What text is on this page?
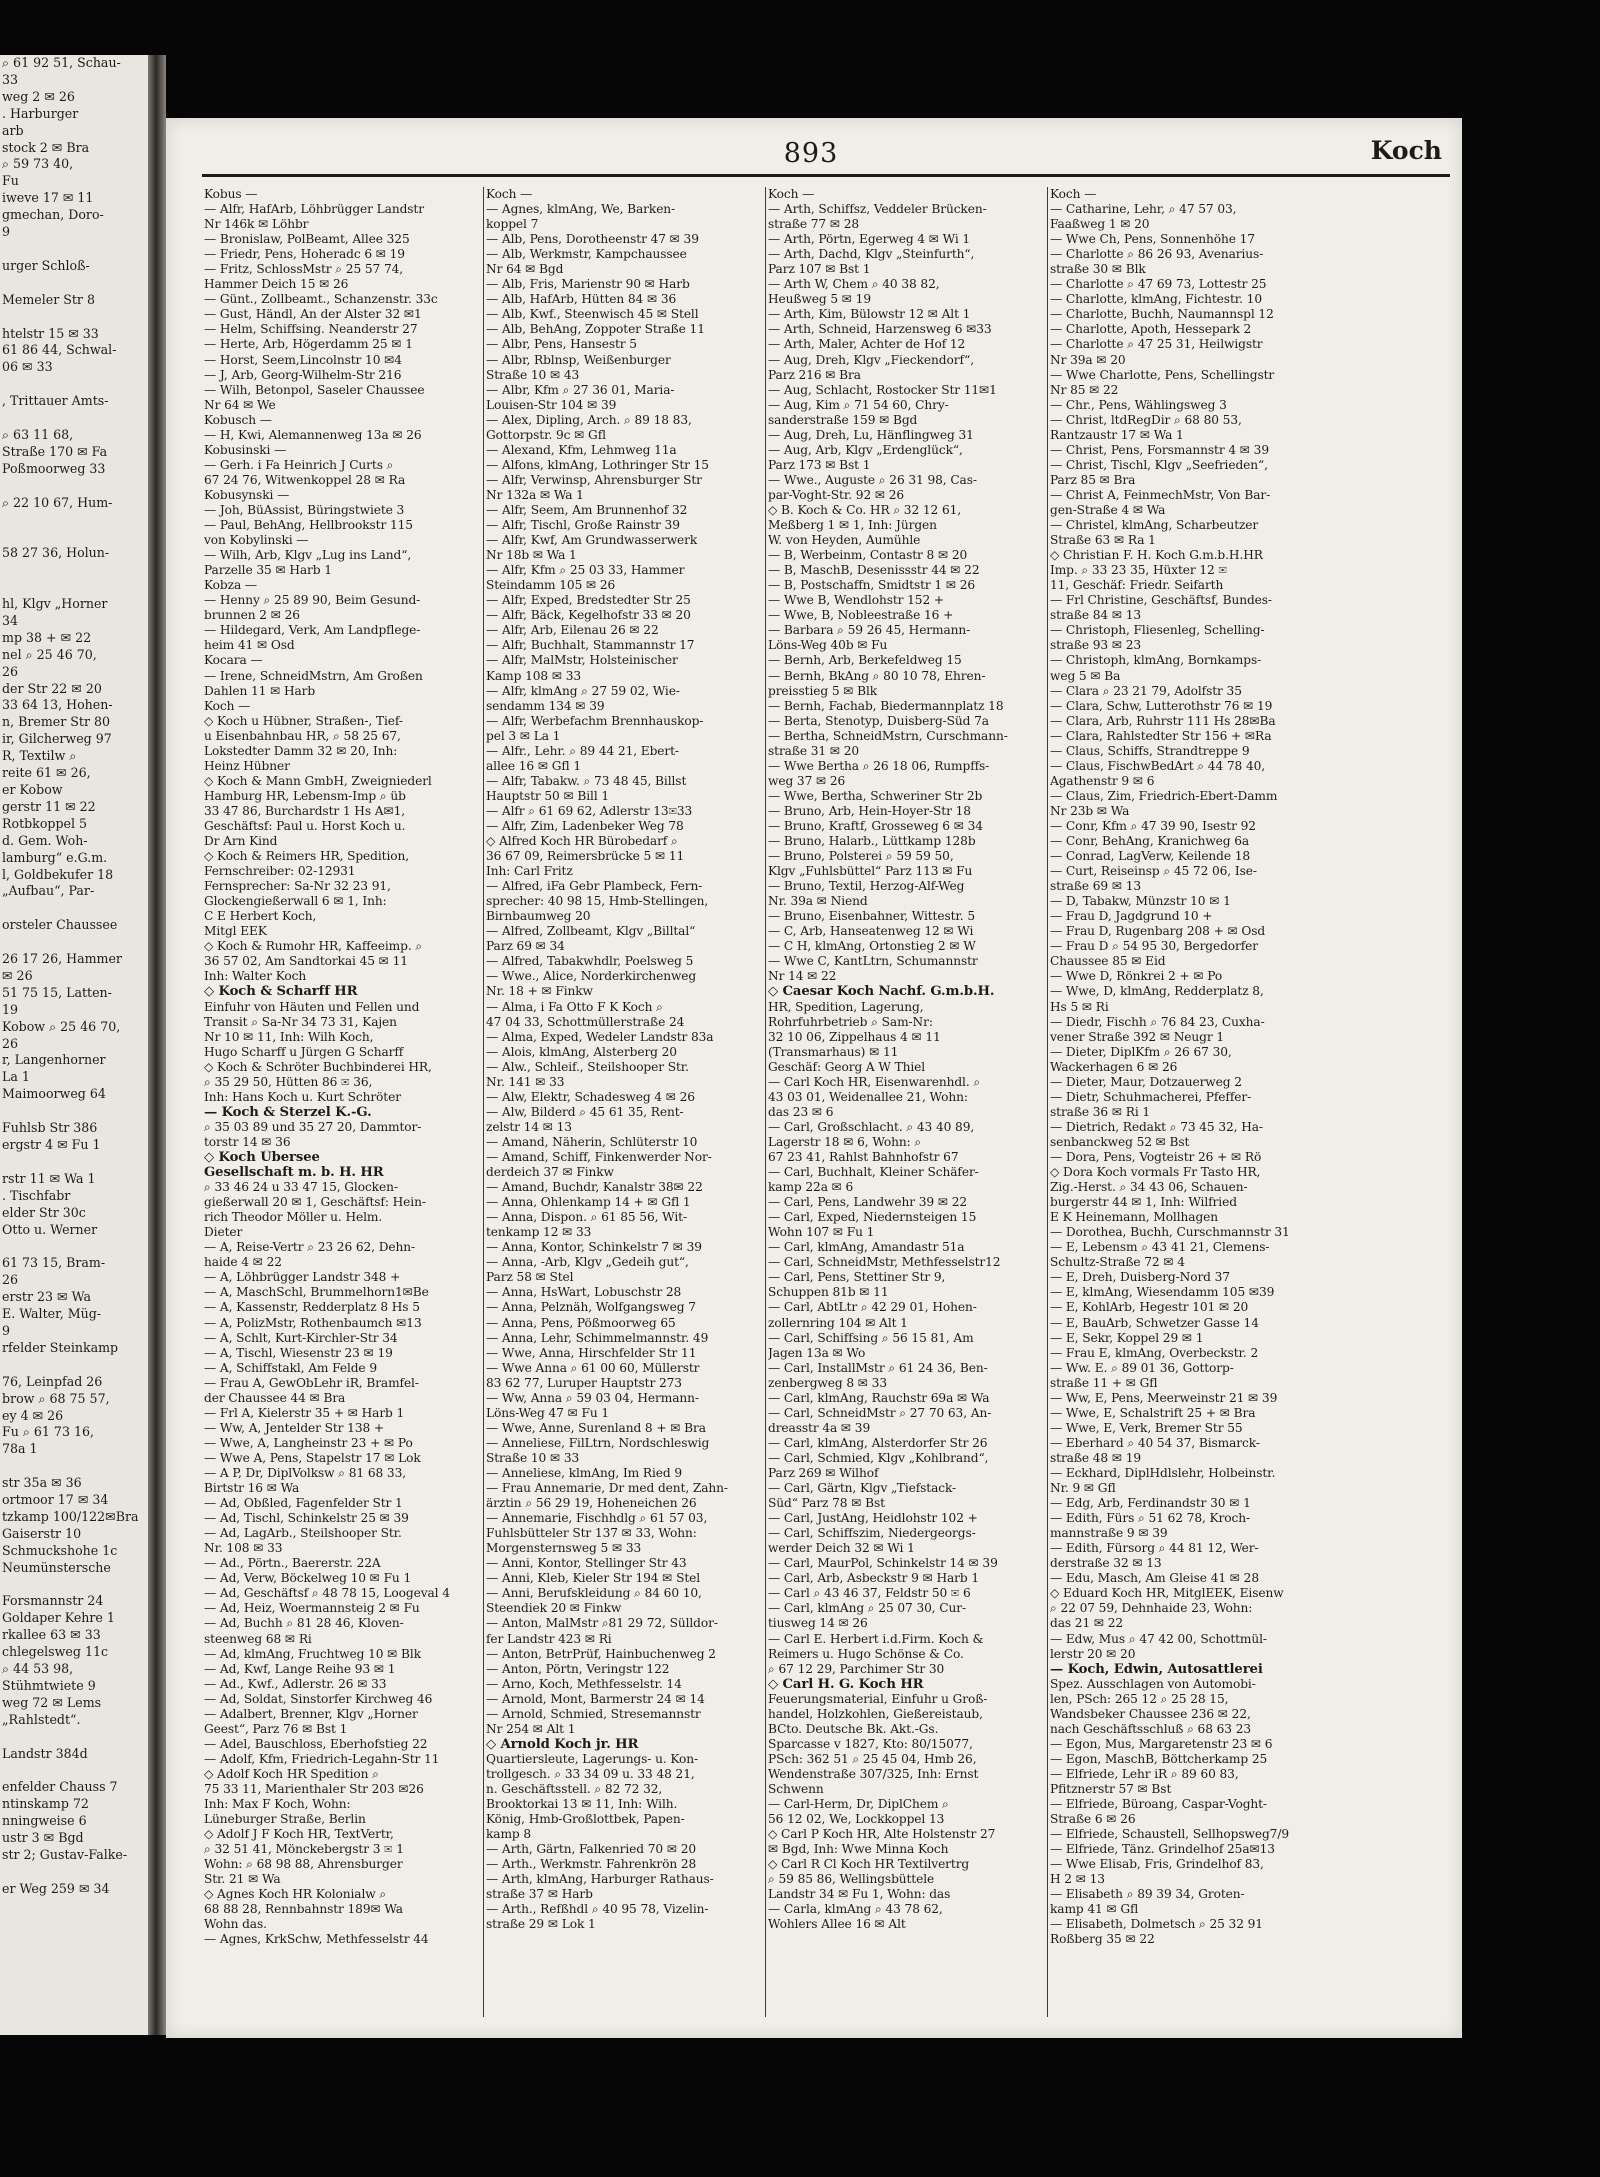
⌕ 61 92 51, Schau-
33
weg 2 ✉ 26
. Harburger
arb
stock 2 ✉ Bra
⌕ 59 73 40,
Fu
iweve 17 ✉ 11
gmechan, Doro-
9

urger Schloß-

Memeler Str 8

htelstr 15 ✉ 33
61 86 44, Schwal-
06 ✉ 33

, Trittauer Amts-

⌕ 63 11 68,
Straße 170 ✉ Fa
Poßmoorweg 33

⌕ 22 10 67, Hum-

58 27 36, Holun-

hl, Klgv „Horner
34
mp 38 + ✉ 22
nel ⌕ 25 46 70,
26
der Str 22 ✉ 20
33 64 13, Hohen-
n, Bremer Str 80
ir, Gilcherweg 97
R, Textilw ⌕
reite 61 ✉ 26,
er Kobow
gerstr 11 ✉ 22
Rotbkoppel 5
d. Gem. Woh-
lamburg“ e.G.m.
l, Goldbekufer 18
„Aufbau“, Par-

orsteler Chaussee

26 17 26, Hammer
✉ 26
51 75 15, Latten-
19
Kobow ⌕ 25 46 70,
26
r, Langenhorner
La 1
Maimoorweg 64

Fuhlsb Str 386
ergstr 4 ✉ Fu 1

rstr 11 ✉ Wa 1
. Tischfabr
elder Str 30c
Otto u. Werner

61 73 15, Bram-
26
erstr 23 ✉ Wa
E. Walter, Müg-
9
rfelder Steinkamp

76, Leinpfad 26
brow ⌕ 68 75 57,
ey 4 ✉ 26
Fu ⌕ 61 73 16,
78a 1

str 35a ✉ 36
ortmoor 17 ✉ 34
tzkamp 100/122✉Bra
Gaiserstr 10
Schmuckshohe 1c
Neumünstersche

Forsmannstr 24
Goldaper Kehre 1
rkallee 63 ✉ 33
chlegelsweg 11c
⌕ 44 53 98,
Stühmtwiete 9
weg 72 ✉ Lems
„Rahlstedt“.

Landstr 384d

enfelder Chauss 7
ntinskamp 72
nningweise 6
ustr 3 ✉ Bgd
str 2; Gustav-Falke-

er Weg 259 ✉ 34
893	Koch
Kobus —
— Alfr, HafArb, Löhbrügger Landstr
Nr 146k ✉ Löhbr
— Bronislaw, PolBeamt, Allee 325
— Friedr, Pens, Hoheradc 6 ✉ 19
— Fritz, SchlossMstr ⌕ 25 57 74,
Hammer Deich 15 ✉ 26
— Günt., Zollbeamt., Schanzenstr. 33c
— Gust, Händl, An der Alster 32 ✉1
— Helm, Schiffsing. Neanderstr 27
— Herte, Arb, Högerdamm 25 ✉ 1
— Horst, Seem,Lincolnstr 10 ✉4
— J, Arb, Georg-Wilhelm-Str 216
— Wilh, Betonpol, Saseler Chaussee
Nr 64 ✉ We
Kobusch —
— H, Kwi, Alemannenweg 13a ✉ 26
Kobusinski —
— Gerh. i Fa Heinrich J Curts ⌕
67 24 76, Witwenkoppel 28 ✉ Ra
Kobusynski —
— Joh, BüAssist, Büringstwiete 3
— Paul, BehAng, Hellbrookstr 115
von Kobylinski —
— Wilh, Arb, Klgv „Lug ins Land“,
Parzelle 35 ✉ Harb 1
Kobza —
— Henny ⌕ 25 89 90, Beim Gesund-
brunnen 2 ✉ 26
— Hildegard, Verk, Am Landpflege-
heim 41 ✉ Osd
Kocara —
— Irene, SchneidMstrn, Am Großen
Dahlen 11 ✉ Harb
Koch —
◇ Koch u Hübner, Straßen-, Tief-
u Eisenbahnbau HR, ⌕ 58 25 67,
Lokstedter Damm 32 ✉ 20, Inh:
Heinz Hübner
◇ Koch & Mann GmbH, Zweigniederl
Hamburg HR, Lebensm-Imp ⌕ üb
33 47 86, Burchardstr 1 Hs A✉1,
Geschäftsf: Paul u. Horst Koch u.
Dr Arn Kind
◇ Koch & Reimers HR, Spedition,
Fernschreiber: 02-12931
Fernsprecher: Sa-Nr 32 23 91,
Glockengießerwall 6 ✉ 1, Inh:
C E Herbert Koch,
Mitgl EEK
◇ Koch & Rumohr HR, Kaffeeimp. ⌕
36 57 02, Am Sandtorkai 45 ✉ 11
Inh: Walter Koch
◇ Koch & Scharff HR
Einfuhr von Häuten und Fellen und
Transit ⌕ Sa-Nr 34 73 31, Kajen
Nr 10 ✉ 11, Inh: Wilh Koch,
Hugo Scharff u Jürgen G Scharff
◇ Koch & Schröter Buchbinderei HR,
⌕ 35 29 50, Hütten 86 ✉ 36,
Inh: Hans Koch u. Kurt Schröter
— Koch & Sterzel K.-G.
⌕ 35 03 89 und 35 27 20, Dammtor-
torstr 14 ✉ 36
◇ Koch Übersee
Gesellschaft m. b. H. HR
⌕ 33 46 24 u 33 47 15, Glocken-
gießerwall 20 ✉ 1, Geschäftsf: Hein-
rich Theodor Möller u. Helm.
Dieter
— A, Reise-Vertr ⌕ 23 26 62, Dehn-
haide 4 ✉ 22
— A, Löhbrügger Landstr 348 +
— A, MaschSchl, Brummelhorn1✉Be
— A, Kassenstr, Redderplatz 8 Hs 5
— A, PolizMstr, Rothenbaumch ✉13
— A, Schlt, Kurt-Kirchler-Str 34
— A, Tischl, Wiesenstr 23 ✉ 19
— A, Schiffstakl, Am Felde 9
— Frau A, GewObLehr iR, Bramfel-
der Chaussee 44 ✉ Bra
— Frl A, Kielerstr 35 + ✉ Harb 1
— Ww, A, Jentelder Str 138 +
— Wwe, A, Langheinstr 23 + ✉ Po
— Wwe A, Pens, Stapelstr 17 ✉ Lok
— A P, Dr, DiplVolksw ⌕ 81 68 33,
Birtstr 16 ✉ Wa
— Ad, Obßled, Fagenfelder Str 1
— Ad, Tischl, Schinkelstr 25 ✉ 39
— Ad, LagArb., Steilshooper Str.
Nr. 108 ✉ 33
— Ad., Pörtn., Baererstr. 22A
— Ad, Verw, Böckelweg 10 ✉ Fu 1
— Ad, Geschäftsf ⌕ 48 78 15, Loogeval 4
— Ad, Heiz, Woermannsteig 2 ✉ Fu
— Ad, Buchh ⌕ 81 28 46, Kloven-
steenweg 68 ✉ Ri
— Ad, klmAng, Fruchtweg 10 ✉ Blk
— Ad, Kwf, Lange Reihe 93 ✉ 1
— Ad., Kwf., Adlerstr. 26 ✉ 33
— Ad, Soldat, Sinstorfer Kirchweg 46
— Adalbert, Brenner, Klgv „Horner
Geest“, Parz 76 ✉ Bst 1
— Adel, Bauschloss, Eberhofstieg 22
— Adolf, Kfm, Friedrich-Legahn-Str 11
◇ Adolf Koch HR Spedition ⌕
75 33 11, Marienthaler Str 203 ✉26
Inh: Max F Koch, Wohn:
Lüneburger Straße, Berlin
◇ Adolf J F Koch HR, TextVertr,
⌕ 32 51 41, Mönckebergstr 3 ✉ 1
Wohn: ⌕ 68 98 88, Ahrensburger
Str. 21 ✉ Wa
◇ Agnes Koch HR Kolonialw ⌕
68 88 28, Rennbahnstr 189✉ Wa
Wohn das.
— Agnes, KrkSchw, Methfesselstr 44
Koch —
— Agnes, klmAng, We, Barken-
koppel 7
— Alb, Pens, Dorotheenstr 47 ✉ 39
— Alb, Werkmstr, Kampchaussee
Nr 64 ✉ Bgd
— Alb, Fris, Marienstr 90 ✉ Harb
— Alb, HafArb, Hütten 84 ✉ 36
— Alb, Kwf., Steenwisch 45 ✉ Stell
— Alb, BehAng, Zoppoter Straße 11
— Albr, Pens, Hansestr 5
— Albr, Rblnsp, Weißenburger
Straße 10 ✉ 43
— Albr, Kfm ⌕ 27 36 01, Maria-
Louisen-Str 104 ✉ 39
— Alex, Dipling, Arch. ⌕ 89 18 83,
Gottorpstr. 9c ✉ Gfl
— Alexand, Kfm, Lehmweg 11a
— Alfons, klmAng, Lothringer Str 15
— Alfr, Verwinsp, Ahrensburger Str
Nr 132a ✉ Wa 1
— Alfr, Seem, Am Brunnenhof 32
— Alfr, Tischl, Große Rainstr 39
— Alfr, Kwf, Am Grundwasserwerk
Nr 18b ✉ Wa 1
— Alfr, Kfm ⌕ 25 03 33, Hammer
Steindamm 105 ✉ 26
— Alfr, Exped, Bredstedter Str 25
— Alfr, Bäck, Kegelhofstr 33 ✉ 20
— Alfr, Arb, Eilenau 26 ✉ 22
— Alfr, Buchhalt, Stammannstr 17
— Alfr, MalMstr, Holsteinischer
Kamp 108 ✉ 33
— Alfr, klmAng ⌕ 27 59 02, Wie-
sendamm 134 ✉ 39
— Alfr, Werbefachm Brennhauskop-
pel 3 ✉ La 1
— Alfr., Lehr. ⌕ 89 44 21, Ebert-
allee 16 ✉ Gfl 1
— Alfr, Tabakw. ⌕ 73 48 45, Billst
Hauptstr 50 ✉ Bill 1
— Alfr ⌕ 61 69 62, Adlerstr 13✉33
— Alfr, Zim, Ladenbeker Weg 78
◇ Alfred Koch HR Bürobedarf ⌕
36 67 09, Reimersbrücke 5 ✉ 11
Inh: Carl Fritz
— Alfred, iFa Gebr Plambeck, Fern-
sprecher: 40 98 15, Hmb-Stellingen,
Birnbaumweg 20
— Alfred, Zollbeamt, Klgv „Billtal“
Parz 69 ✉ 34
— Alfred, Tabakwhdlr, Poelsweg 5
— Wwe., Alice, Norderkirchenweg
Nr. 18 + ✉ Finkw
— Alma, i Fa Otto F K Koch ⌕
47 04 33, Schottmüllerstraße 24
— Alma, Exped, Wedeler Landstr 83a
— Alois, klmAng, Alsterberg 20
— Alw., Schleif., Steilshooper Str.
Nr. 141 ✉ 33
— Alw, Elektr, Schadesweg 4 ✉ 26
— Alw, Bilderd ⌕ 45 61 35, Rent-
zelstr 14 ✉ 13
— Amand, Näherin, Schlüterstr 10
— Amand, Schiff, Finkenwerder Nor-
derdeich 37 ✉ Finkw
— Amand, Buchdr, Kanalstr 38✉ 22
— Anna, Ohlenkamp 14 + ✉ Gfl 1
— Anna, Dispon. ⌕ 61 85 56, Wit-
tenkamp 12 ✉ 33
— Anna, Kontor, Schinkelstr 7 ✉ 39
— Anna, -Arb, Klgv „Gedeih gut“,
Parz 58 ✉ Stel
— Anna, HsWart, Lobuschstr 28
— Anna, Pelznäh, Wolfgangsweg 7
— Anna, Pens, Pößmoorweg 65
— Anna, Lehr, Schimmelmannstr. 49
— Wwe, Anna, Hirschfelder Str 11
— Wwe Anna ⌕ 61 00 60, Müllerstr
83 62 77, Luruper Hauptstr 273
— Ww, Anna ⌕ 59 03 04, Hermann-
Löns-Weg 47 ✉ Fu 1
— Wwe, Anne, Surenland 8 + ✉ Bra
— Anneliese, FilLtrn, Nordschleswig
Straße 10 ✉ 33
— Anneliese, klmAng, Im Ried 9
— Frau Annemarie, Dr med dent, Zahn-
ärztin ⌕ 56 29 19, Hoheneichen 26
— Annemarie, Fischhdlg ⌕ 61 57 03,
Fuhlsbütteler Str 137 ✉ 33, Wohn:
Morgensternsweg 5 ✉ 33
— Anni, Kontor, Stellinger Str 43
— Anni, Kleb, Kieler Str 194 ✉ Stel
— Anni, Berufskleidung ⌕ 84 60 10,
Steendiek 20 ✉ Finkw
— Anton, MalMstr ⌕81 29 72, Sülldor-
fer Landstr 423 ✉ Ri
— Anton, BetrPrüf, Hainbuchenweg 2
— Anton, Pörtn, Veringstr 122
— Arno, Koch, Methfesselstr. 14
— Arnold, Mont, Barmerstr 24 ✉ 14
— Arnold, Schmied, Stresemannstr
Nr 254 ✉ Alt 1
◇ Arnold Koch jr. HR
Quartiersleute, Lagerungs- u. Kon-
trollgesch. ⌕ 33 34 09 u. 33 48 21,
n. Geschäftsstell. ⌕ 82 72 32,
Brooktorkai 13 ✉ 11, Inh: Wilh.
König, Hmb-Großlottbek, Papen-
kamp 8
— Arth, Gärtn, Falkenried 70 ✉ 20
— Arth., Werkmstr. Fahrenkrön 28
— Arth, klmAng, Harburger Rathaus-
straße 37 ✉ Harb
— Arth., Refßhdl ⌕ 40 95 78, Vizelin-
straße 29 ✉ Lok 1
Koch —
— Arth, Schiffsz, Veddeler Brücken-
straße 77 ✉ 28
— Arth, Pörtn, Egerweg 4 ✉ Wi 1
— Arth, Dachd, Klgv „Steinfurth“,
Parz 107 ✉ Bst 1
— Arth W, Chem ⌕ 40 38 82,
Heußweg 5 ✉ 19
— Arth, Kim, Bülowstr 12 ✉ Alt 1
— Arth, Schneid, Harzensweg 6 ✉33
— Arth, Maler, Achter de Hof 12
— Aug, Dreh, Klgv „Fieckendorf“,
Parz 216 ✉ Bra
— Aug, Schlacht, Rostocker Str 11✉1
— Aug, Kim ⌕ 71 54 60, Chry-
sanderstraße 159 ✉ Bgd
— Aug, Dreh, Lu, Hänflingweg 31
— Aug, Arb, Klgv „Erdenglück“,
Parz 173 ✉ Bst 1
— Wwe., Auguste ⌕ 26 31 98, Cas-
par-Voght-Str. 92 ✉ 26
◇ B. Koch & Co. HR ⌕ 32 12 61,
Meßberg 1 ✉ 1, Inh: Jürgen
W. von Heyden, Aumühle
— B, Werbeinm, Contastr 8 ✉ 20
— B, MaschB, Desenissstr 44 ✉ 22
— B, Postschaffn, Smidtstr 1 ✉ 26
— Wwe B, Wendlohstr 152 +
— Wwe, B, Nobleestraße 16 +
— Barbara ⌕ 59 26 45, Hermann-
Löns-Weg 40b ✉ Fu
— Bernh, Arb, Berkefeldweg 15
— Bernh, BkAng ⌕ 80 10 78, Ehren-
preisstieg 5 ✉ Blk
— Bernh, Fachab, Biedermannplatz 18
— Berta, Stenotyp, Duisberg-Süd 7a
— Bertha, SchneidMstrn, Curschmann-
straße 31 ✉ 20
— Wwe Bertha ⌕ 26 18 06, Rumpffs-
weg 37 ✉ 26
— Wwe, Bertha, Schweriner Str 2b
— Bruno, Arb, Hein-Hoyer-Str 18
— Bruno, Kraftf, Grosseweg 6 ✉ 34
— Bruno, Halarb., Lüttkamp 128b
— Bruno, Polsterei ⌕ 59 59 50,
Klgv „Fuhlsbüttel“ Parz 113 ✉ Fu
— Bruno, Textil, Herzog-Alf-Weg
Nr. 39a ✉ Niend
— Bruno, Eisenbahner, Wittestr. 5
— C, Arb, Hanseatenweg 12 ✉ Wi
— C H, klmAng, Ortonstieg 2 ✉ W
— Wwe C, KantLtrn, Schumannstr
Nr 14 ✉ 22
◇ Caesar Koch Nachf. G.m.b.H.
HR, Spedition, Lagerung,
Rohrfuhrbetrieb ⌕ Sam-Nr:
32 10 06, Zippelhaus 4 ✉ 11
(Transmarhaus) ✉ 11
Geschäf: Georg A W Thiel
— Carl Koch HR, Eisenwarenhdl. ⌕
43 03 01, Weidenallee 21, Wohn:
das 23 ✉ 6
— Carl, Großschlacht. ⌕ 43 40 89,
Lagerstr 18 ✉ 6, Wohn: ⌕
67 23 41, Rahlst Bahnhofstr 67
— Carl, Buchhalt, Kleiner Schäfer-
kamp 22a ✉ 6
— Carl, Pens, Landwehr 39 ✉ 22
— Carl, Exped, Niedernsteigen 15
Wohn 107 ✉ Fu 1
— Carl, klmAng, Amandastr 51a
— Carl, SchneidMstr, Methfesselstr12
— Carl, Pens, Stettiner Str 9,
Schuppen 81b ✉ 11
— Carl, AbtLtr ⌕ 42 29 01, Hohen-
zollernring 104 ✉ Alt 1
— Carl, Schiffsing ⌕ 56 15 81, Am
Jagen 13a ✉ Wo
— Carl, InstallMstr ⌕ 61 24 36, Ben-
zenbergweg 8 ✉ 33
— Carl, klmAng, Rauchstr 69a ✉ Wa
— Carl, SchneidMstr ⌕ 27 70 63, An-
dreasstr 4a ✉ 39
— Carl, klmAng, Alsterdorfer Str 26
— Carl, Schmied, Klgv „Kohlbrand“,
Parz 269 ✉ Wilhof
— Carl, Gärtn, Klgv „Tiefstack-
Süd“ Parz 78 ✉ Bst
— Carl, JustAng, Heidlohstr 102 +
— Carl, Schiffszim, Niedergeorgs-
werder Deich 32 ✉ Wi 1
— Carl, MaurPol, Schinkelstr 14 ✉ 39
— Carl, Arb, Asbeckstr 9 ✉ Harb 1
— Carl ⌕ 43 46 37, Feldstr 50 ✉ 6
— Carl, klmAng ⌕ 25 07 30, Cur-
tiusweg 14 ✉ 26
— Carl E. Herbert i.d.Firm. Koch &
Reimers u. Hugo Schönse & Co.
⌕ 67 12 29, Parchimer Str 30
◇ Carl H. G. Koch HR
Feuerungsmaterial, Einfuhr u Groß-
handel, Holzkohlen, Gießereistaub,
BCto. Deutsche Bk. Akt.-Gs.
Sparcasse v 1827, Kto: 80/15077,
PSch: 362 51 ⌕ 25 45 04, Hmb 26,
Wendenstraße 307/325, Inh: Ernst
Schwenn
— Carl-Herm, Dr, DiplChem ⌕
56 12 02, We, Lockkoppel 13
◇ Carl P Koch HR, Alte Holstenstr 27
✉ Bgd, Inh: Wwe Minna Koch
◇ Carl R Cl Koch HR Textilvertrg
⌕ 59 85 86, Wellingsbüttele
Landstr 34 ✉ Fu 1, Wohn: das
— Carla, klmAng ⌕ 43 78 62,
Wohlers Allee 16 ✉ Alt
Koch —
— Catharine, Lehr, ⌕ 47 57 03,
Faaßweg 1 ✉ 20
— Wwe Ch, Pens, Sonnenhöhe 17
— Charlotte ⌕ 86 26 93, Avenarius-
straße 30 ✉ Blk
— Charlotte ⌕ 47 69 73, Lottestr 25
— Charlotte, klmAng, Fichtestr. 10
— Charlotte, Buchh, Naumannspl 12
— Charlotte, Apoth, Hessepark 2
— Charlotte ⌕ 47 25 31, Heilwigstr
Nr 39a ✉ 20
— Wwe Charlotte, Pens, Schellingstr
Nr 85 ✉ 22
— Chr., Pens, Wählingsweg 3
— Christ, ltdRegDir ⌕ 68 80 53,
Rantzaustr 17 ✉ Wa 1
— Christ, Pens, Forsmannstr 4 ✉ 39
— Christ, Tischl, Klgv „Seefrieden“,
Parz 85 ✉ Bra
— Christ A, FeinmechMstr, Von Bar-
gen-Straße 4 ✉ Wa
— Christel, klmAng, Scharbeutzer
Straße 63 ✉ Ra 1
◇ Christian F. H. Koch G.m.b.H.HR
Imp. ⌕ 33 23 35, Hüxter 12 ✉
11, Geschäf: Friedr. Seifarth
— Frl Christine, Geschäftsf, Bundes-
straße 84 ✉ 13
— Christoph, Fliesenleg, Schelling-
straße 93 ✉ 23
— Christoph, klmAng, Bornkamps-
weg 5 ✉ Ba
— Clara ⌕ 23 21 79, Adolfstr 35
— Clara, Schw, Lutterothstr 76 ✉ 19
— Clara, Arb, Ruhrstr 111 Hs 28✉Ba
— Clara, Rahlstedter Str 156 + ✉Ra
— Claus, Schiffs, Strandtreppe 9
— Claus, FischwBedArt ⌕ 44 78 40,
Agathenstr 9 ✉ 6
— Claus, Zim, Friedrich-Ebert-Damm
Nr 23b ✉ Wa
— Conr, Kfm ⌕ 47 39 90, Isestr 92
— Conr, BehAng, Kranichweg 6a
— Conrad, LagVerw, Keilende 18
— Curt, Reiseinsp ⌕ 45 72 06, Ise-
straße 69 ✉ 13
— D, Tabakw, Münzstr 10 ✉ 1
— Frau D, Jagdgrund 10 +
— Frau D, Rugenbarg 208 + ✉ Osd
— Frau D ⌕ 54 95 30, Bergedorfer
Chaussee 85 ✉ Eid
— Wwe D, Rönkrei 2 + ✉ Po
— Wwe, D, klmAng, Redderplatz 8,
Hs 5 ✉ Ri
— Diedr, Fischh ⌕ 76 84 23, Cuxha-
vener Straße 392 ✉ Neugr 1
— Dieter, DiplKfm ⌕ 26 67 30,
Wackerhagen 6 ✉ 26
— Dieter, Maur, Dotzauerweg 2
— Dietr, Schuhmacherei, Pfeffer-
straße 36 ✉ Ri 1
— Dietrich, Redakt ⌕ 73 45 32, Ha-
senbanckweg 52 ✉ Bst
— Dora, Pens, Vogteistr 26 + ✉ Rö
◇ Dora Koch vormals Fr Tasto HR,
Zig.-Herst. ⌕ 34 43 06, Schauen-
burgerstr 44 ✉ 1, Inh: Wilfried
E K Heinemann, Mollhagen
— Dorothea, Buchh, Curschmannstr 31
— E, Lebensm ⌕ 43 41 21, Clemens-
Schultz-Straße 72 ✉ 4
— E, Dreh, Duisberg-Nord 37
— E, klmAng, Wiesendamm 105 ✉39
— E, KohlArb, Hegestr 101 ✉ 20
— E, BauArb, Schwetzer Gasse 14
— E, Sekr, Koppel 29 ✉ 1
— Frau E, klmAng, Overbeckstr. 2
— Ww. E. ⌕ 89 01 36, Gottorp-
straße 11 + ✉ Gfl
— Ww, E, Pens, Meerweinstr 21 ✉ 39
— Wwe, E, Schalstrift 25 + ✉ Bra
— Wwe, E, Verk, Bremer Str 55
— Eberhard ⌕ 40 54 37, Bismarck-
straße 48 ✉ 19
— Eckhard, DiplHdlslehr, Holbeinstr.
Nr. 9 ✉ Gfl
— Edg, Arb, Ferdinandstr 30 ✉ 1
— Edith, Fürs ⌕ 51 62 78, Kroch-
mannstraße 9 ✉ 39
— Edith, Fürsorg ⌕ 44 81 12, Wer-
derstraße 32 ✉ 13
— Edu, Masch, Am Gleise 41 ✉ 28
◇ Eduard Koch HR, MitglEEK, Eisenw
⌕ 22 07 59, Dehnhaide 23, Wohn:
das 21 ✉ 22
— Edw, Mus ⌕ 47 42 00, Schottmül-
lerstr 20 ✉ 20
— Koch, Edwin, Autosattlerei
Spez. Ausschlagen von Automobi-
len, PSch: 265 12 ⌕ 25 28 15,
Wandsbeker Chaussee 236 ✉ 22,
nach Geschäftsschluß ⌕ 68 63 23
— Egon, Mus, Margaretenstr 23 ✉ 6
— Egon, MaschB, Böttcherkamp 25
— Elfriede, Lehr iR ⌕ 89 60 83,
Pfitznerstr 57 ✉ Bst
— Elfriede, Büroang, Caspar-Voght-
Straße 6 ✉ 26
— Elfriede, Schaustell, Sellhopsweg7/9
— Elfriede, Tänz. Grindelhof 25a✉13
— Wwe Elisab, Fris, Grindelhof 83,
H 2 ✉ 13
— Elisabeth ⌕ 89 39 34, Groten-
kamp 41 ✉ Gfl
— Elisabeth, Dolmetsch ⌕ 25 32 91
Roßberg 35 ✉ 22
